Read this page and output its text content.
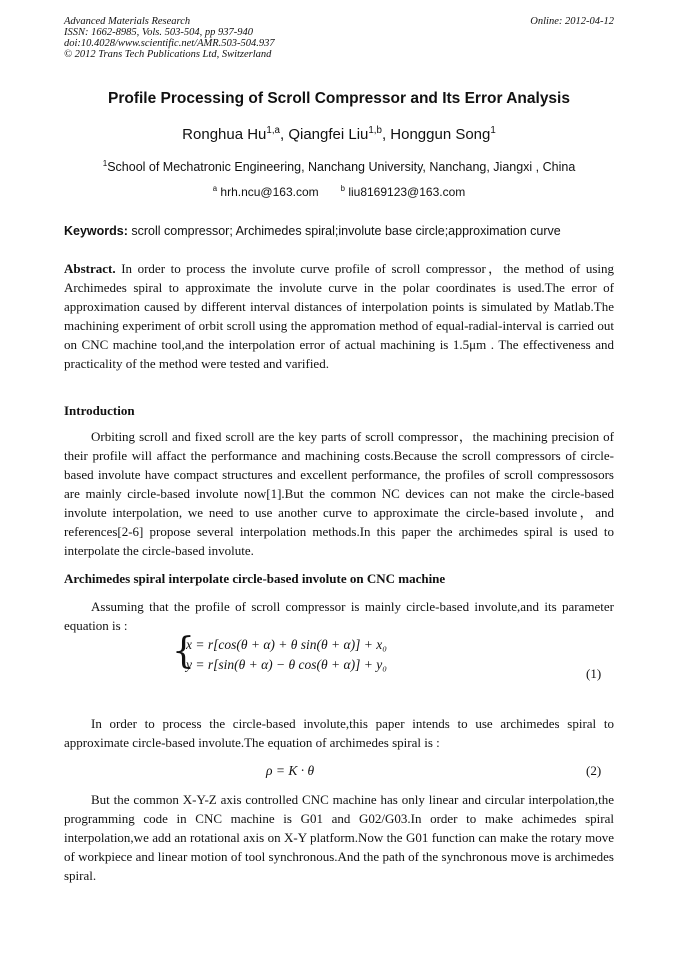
Advanced Materials Research
ISSN: 1662-8985, Vols. 503-504, pp 937-940
doi:10.4028/www.scientific.net/AMR.503-504.937
© 2012 Trans Tech Publications Ltd, Switzerland
Online: 2012-04-12
Profile Processing of Scroll Compressor and Its Error Analysis
Ronghua Hu$^{1,a}$, Qiangfei Liu$^{1,b}$, Honggun Song$^1$
$^1$School of Mechatronic Engineering, Nanchang University, Nanchang, Jiangxi , China
$^a$ hrh.ncu@163.com	$^b$ liu8169123@163.com
Keywords: scroll compressor; Archimedes spiral;involute base circle;approximation curve
Abstract. In order to process the involute curve profile of scroll compressor，the method of using Archimedes spiral to approximate the involute curve in the polar coordinates is used.The error of approximation caused by different interval distances of interpolation points is simulated by Matlab.The machining experiment of orbit scroll using the appromation method of equal-radial-interval is carried out on CNC machine tool,and the interpolation error of actual machining is 1.5μm . The effectiveness and practicality of the method were tested and varified.
Introduction
Orbiting scroll and fixed scroll are the key parts of scroll compressor，the machining precision of their profile will affact the performance and machining costs.Because the scroll compressors of circle-based involute have compact structures and excellent performance, the profiles of scroll compressosors are mainly circle-based involute now[1].But the common NC devices can not make the circle-based involute interpolation, we need to use another curve to approximate the circle-based involute，and references[2-6] propose several interpolation methods.In this paper the archimedes spiral is used to interpolate the circle-based involute.
Archimedes spiral interpolate circle-based involute on CNC machine
Assuming that the profile of scroll compressor is mainly circle-based involute,and its parameter equation is :
{
x = r[cos(θ + α) + θ sin(θ + α)] + x₀
y = r[sin(θ + α) − θ cos(θ + α)] + y₀
(1)
In order to process the circle-based involute,this paper intends to use archimedes spiral to approximate circle-based involute.The equation of archimedes spiral is :
ρ = K · θ	(2)
But the common X-Y-Z axis controlled CNC machine has only linear and circular interpolation,the programming code in CNC machine is G01 and G02/G03.In order to make achimedes spiral interpolation,we add an rotational axis on X-Y platform.Now the G01 function can make the rotary move of workpiece and linear motion of tool synchronous.And the path of the synchronous move is archimedes spiral.
